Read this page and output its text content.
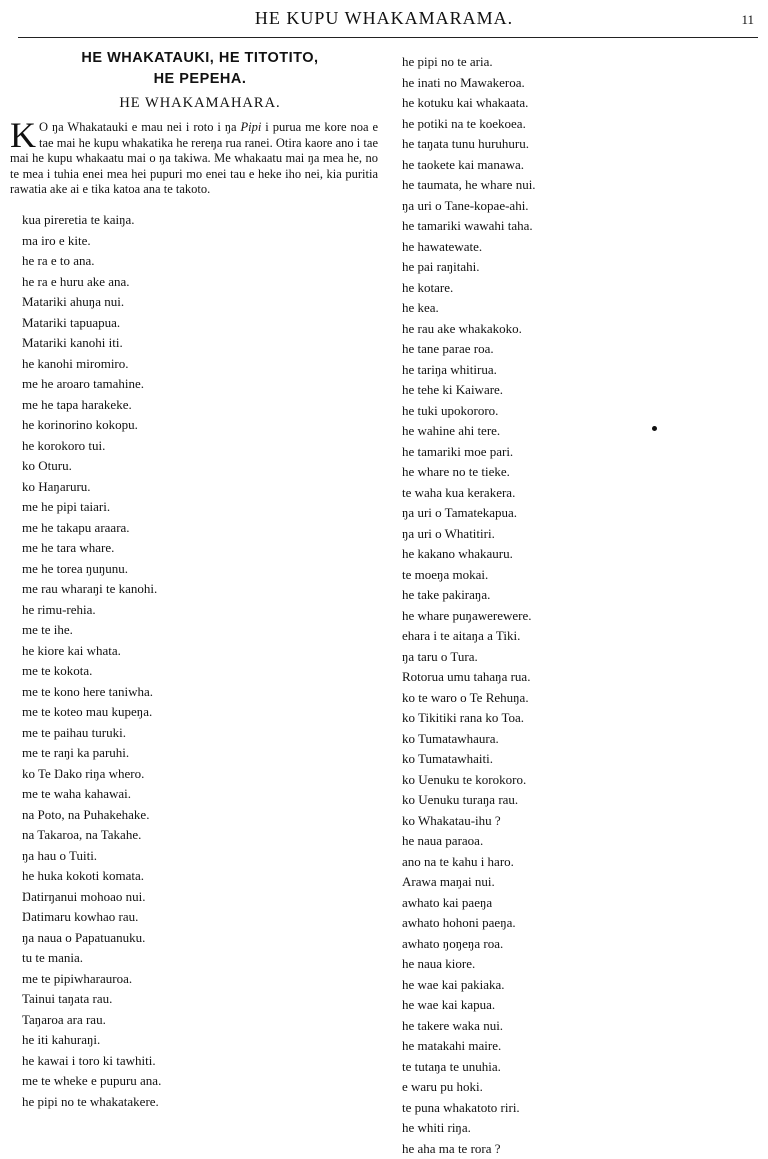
HE KUPU WHAKAMARAMA.	11
HE WHAKATAUKI, HE TITOTITO,
HE PEPEHA.
HE WHAKAMAHARA.

K O ŋa Whakatauki e mau nei i roto i ŋa Pipi i purua me kore noa e tae mai he kupu whakatika he rereŋa rua ranei. Otira kaore ano i tae mai he kupu whakaatu mai o ŋa takiwa. Me whakaatu mai ŋa mea he, no te mea i tuhia enei mea hei pupuri mo enei tau e heke iho nei, kia puritia rawatia ake ai e tika katoa ana te takoto.

kua pireretia te kaiŋa.
ma iro e kite.
he ra e to ana.
he ra e huru ake ana.
Matariki ahuŋa nui.
Matariki tapuapua.
Matariki kanohi iti.
he kanohi miromiro.
me he aroaro tamahine.
me he tapa harakeke.
he korinorino kokopu.
he korokoro tui.
ko Oturu.
ko Haŋaruru.
me he pipi taiari.
me he takapu araara.
me he tara whare.
me he torea ŋuŋunu.
me rau wharaŋi te kanohi.
he rimu-rehia.
me te ihe.
he kiore kai whata.
me te kokota.
me te kono here taniwha.
me te koteo mau kupeŋa.
me te paihau turuki.
me te raŋi ka paruhi.
ko Te Ŋako riŋa whero.
me te waha kahawai.
na Poto, na Puhakehake.
na Takaroa, na Takahe.
ŋa hau o Tuiti.
he huka kokoti komata.
Ŋatirŋanui mohoao nui.
Ŋatimaru kowhao rau.
ŋa naua o Papatuanuku.
tu te mania.
me te pipiwharauroa.
Tainui taŋata rau.
Taŋaroa ara rau.
he iti kahuraŋi.
he kawai i toro ki tawhiti.
me te wheke e pupuru ana.
he pipi no te whakatakere.
he pipi no te aria.
he inati no Mawakeroa.
he kotuku kai whakaata.
he potiki na te koekoea.
he taŋata tunu huruhuru.
he taokete kai manawa.
he taumata, he whare nui.
ŋa uri o Tane-kopae-ahi.
he tamariki wawahi taha.
he hawatewate.
he pai raŋitahi.
he kotare.
he kea.
he rau ake whakakoko.
he tane parae roa.
he tariŋa whitirua.
he tehe ki Kaiware.
he tuki upokororo.
he wahine ahi tere.
he tamariki moe pari.
he whare no te tieke.
te waha kua kerakera.
ŋa uri o Tamatekapua.
ŋa uri o Whatitiri.
he kakano whakauru.
te moeŋa mokai.
he take pakiraŋa.
he whare puŋawerewere.
ehara i te aitaŋa a Tiki.
ŋa taru o Tura.
Rotorua umu tahaŋa rua.
ko te waro o Te Rehuŋa.
ko Tikitiki rana ko Toa.
ko Tumatawhaura.
ko Tumatawhaiti.
ko Uenuku te korokoro.
ko Uenuku turaŋa rau.
ko Whakatau-ihu ?
he naua paraoa.
ano na te kahu i haro.
Arawa maŋai nui.
awhato kai paeŋa
awhato hohoni paeŋa.
awhato ŋoŋeŋa roa.
he naua kiore.
he wae kai pakiaka.
he wae kai kapua.
he takere waka nui.
he matakahi maire.
te tutaŋa te unuhia.
e waru pu hoki.
te puna whakatoto riri.
he whiti riŋa.
he aha ma te rora ?
